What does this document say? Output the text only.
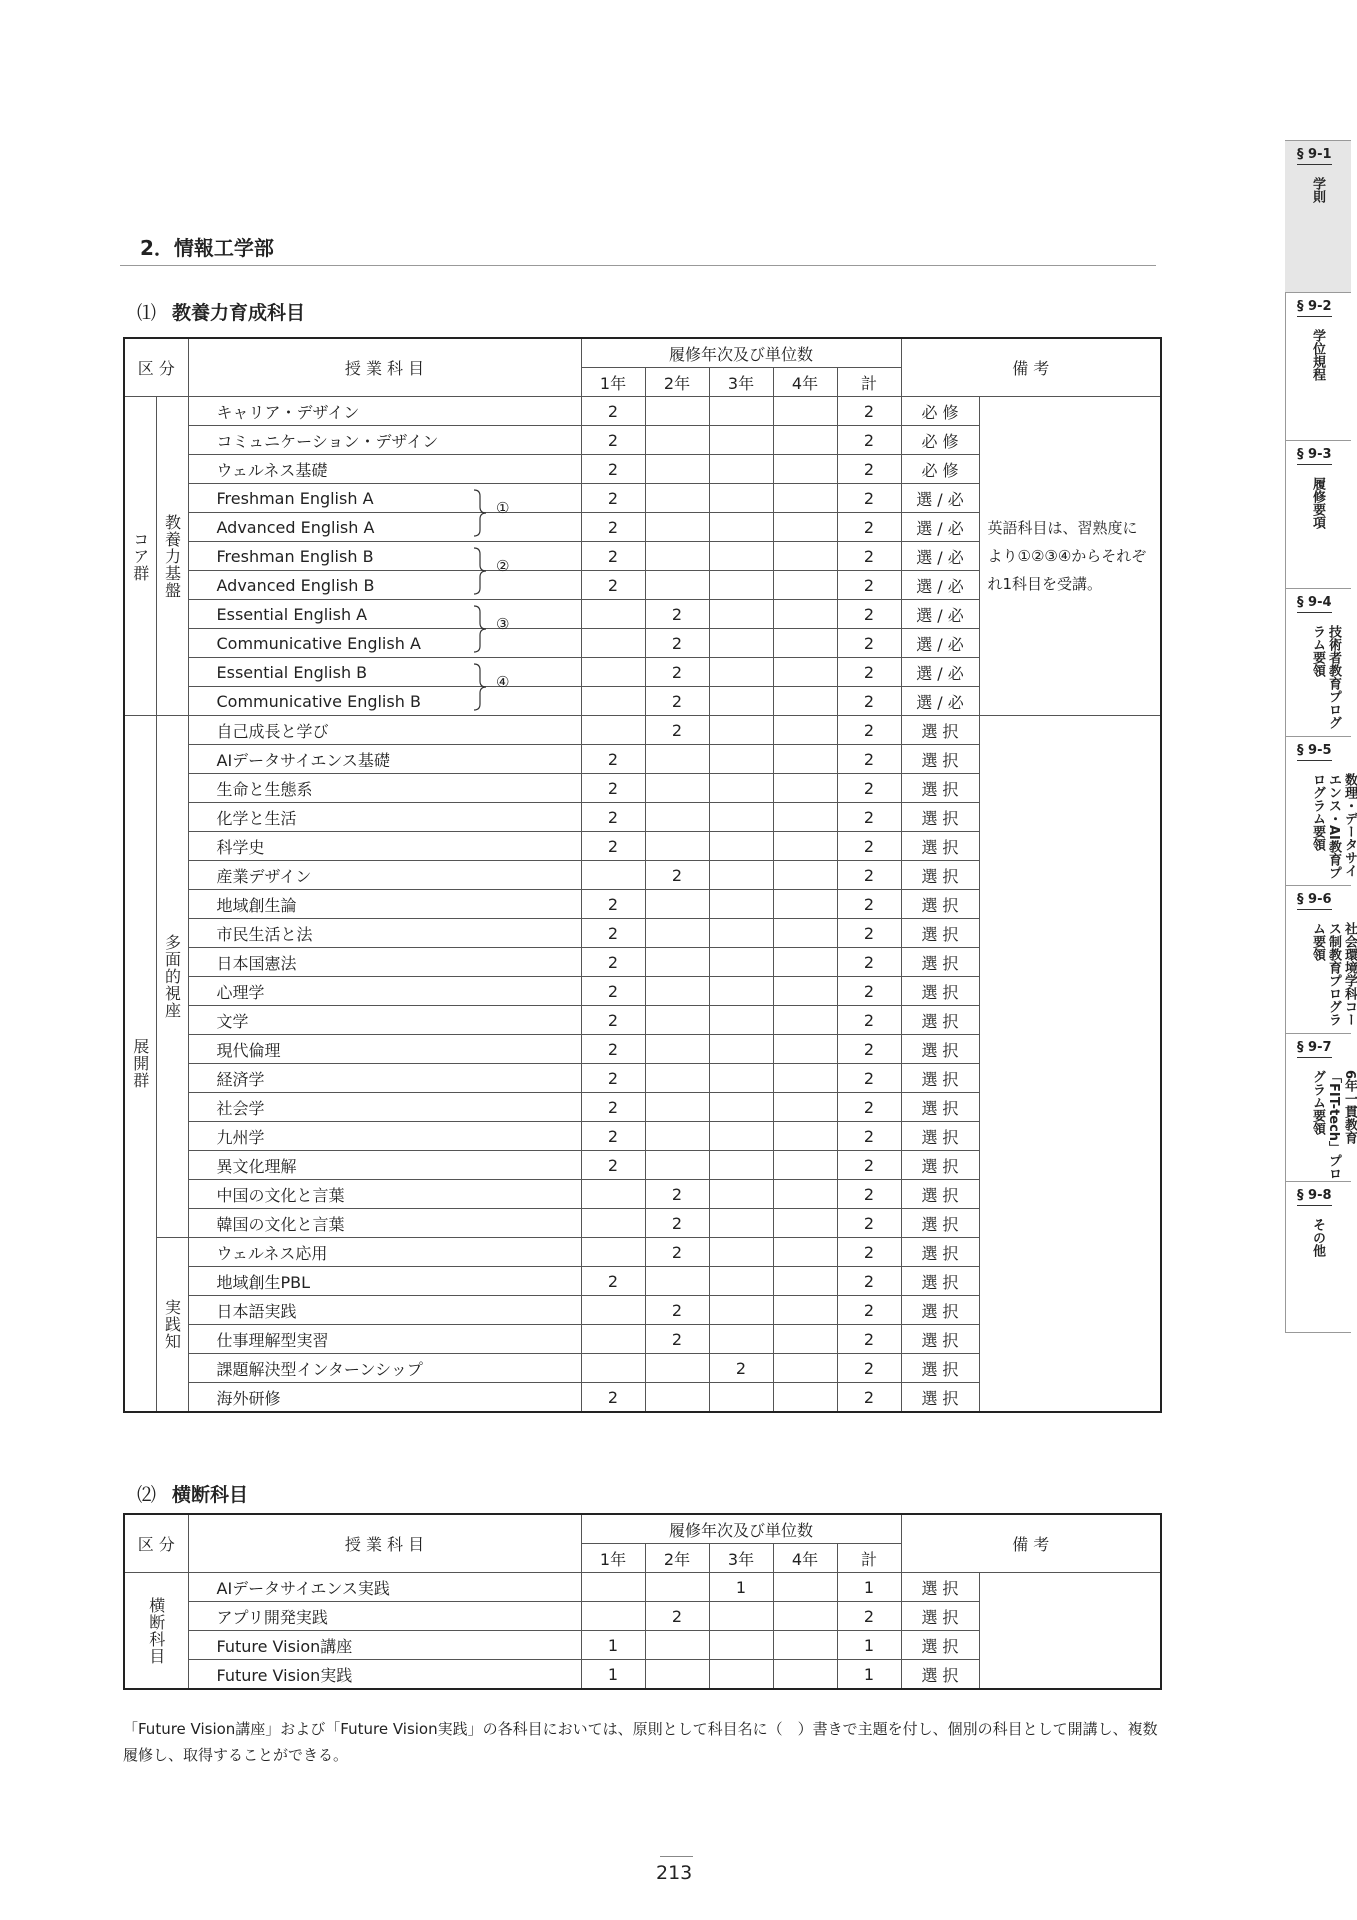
2．情報工学部
⑴ 教養力育成科目
区 分		授 業 科 目	履修年次及び単位数					備 考	
			1年	2年	3年	4年	計		

コア群	教養力基盤	キャリア・デザイン	2				2	必 修	英語科目は、習熟度により①②③④からそれぞれ1科目を受講。
		コミュニケーション・デザイン	2				2	必 修	
		ウェルネス基礎	2				2	必 修	
		Freshman English A	2				2	選 / 必	
		Advanced English A	2				2	選 / 必	
		Freshman English B	2				2	選 / 必	
		Advanced English B	2				2	選 / 必	
		Essential English A		2			2	選 / 必	
		Communicative English A		2			2	選 / 必	
		Essential English B		2			2	選 / 必	
		Communicative English B		2			2	選 / 必	

展開群	多面的視座	自己成長と学び		2			2	選 択	
		AIデータサイエンス基礎	2				2	選 択	
		生命と生態系	2				2	選 択	
		化学と生活	2				2	選 択	
		科学史	2				2	選 択	
		産業デザイン		2			2	選 択	
		地域創生論	2				2	選 択	
		市民生活と法	2				2	選 択	
		日本国憲法	2				2	選 択	
		心理学	2				2	選 択	
		文学	2				2	選 択	
		現代倫理	2				2	選 択	
		経済学	2				2	選 択	
		社会学	2				2	選 択	
		九州学	2				2	選 択	
		異文化理解	2				2	選 択	
		中国の文化と言葉		2			2	選 択	
		韓国の文化と言葉		2			2	選 択	

	実践知	ウェルネス応用		2			2	選 択	
		地域創生PBL	2				2	選 択	
		日本語実践		2			2	選 択	
		仕事理解型実習		2			2	選 択	
		課題解決型インターンシップ			2		2	選 択	
		海外研修	2				2	選 択	
⑵ 横断科目
区 分	授 業 科 目	履修年次及び単位数					備 考	
		1年	2年	3年	4年	計		

横断科目	AIデータサイエンス実践			1		1	選 択	
	アプリ開発実践		2			2	選 択	
	Future Vision講座	1				1	選 択	
	Future Vision実践	1				1	選 択	
「Future Vision講座」および「Future Vision実践」の各科目においては、原則として科目名に（　）書きで主題を付し、個別の科目として開講し、複数履修し、取得することができる。
213
§ 9-1
学則
§ 9-2
学位規程
§ 9-3
履修要項
§ 9-4
技術者教育プログラム要領
§ 9-5
数理・データサイエンス・AI教育プログラム要領
§ 9-6
社会環境学科コース制教育プログラム要領
§ 9-7
6年一貫教育「FIT-tech」プログラム要領
§ 9-8
その他
①
②
③
④
